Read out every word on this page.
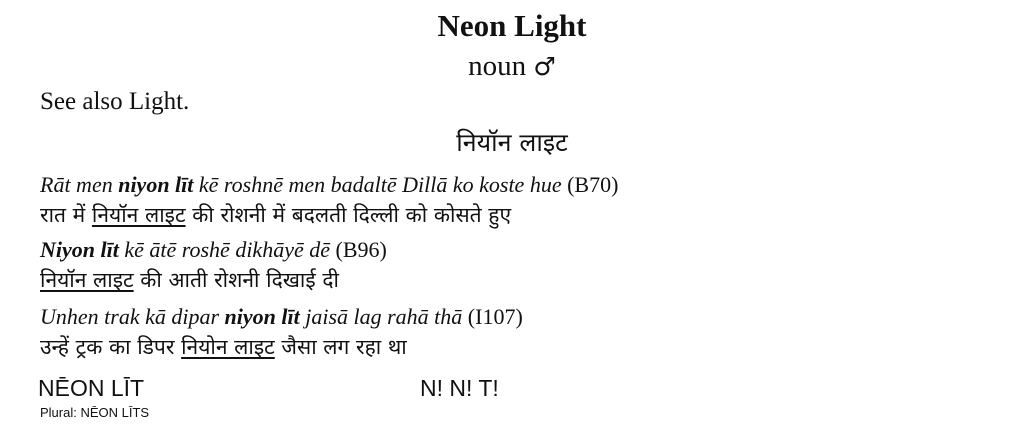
Neon Light
noun ♂
See also Light.
नियॉन लाइट
Rāt men niyon līt kē roshnē men badaltē Dillā ko koste hue (B70)
रात में नियॉन लाइट की रोशनी में बदलती दिल्ली को कोसते हुए
Niyon līt kē ātē roshē dikhāyē dē (B96)
नियॉन लाइट की आती रोशनी दिखाई दी
Unhen trak kā dipar niyon līt jaisā lag rahā thā (I107)
उन्हें ट्रक का डिपर नियोन लाइट जैसा लग रहा था
NĒON LĪT	N! N! T!
Plural: NĒON LĪTS
